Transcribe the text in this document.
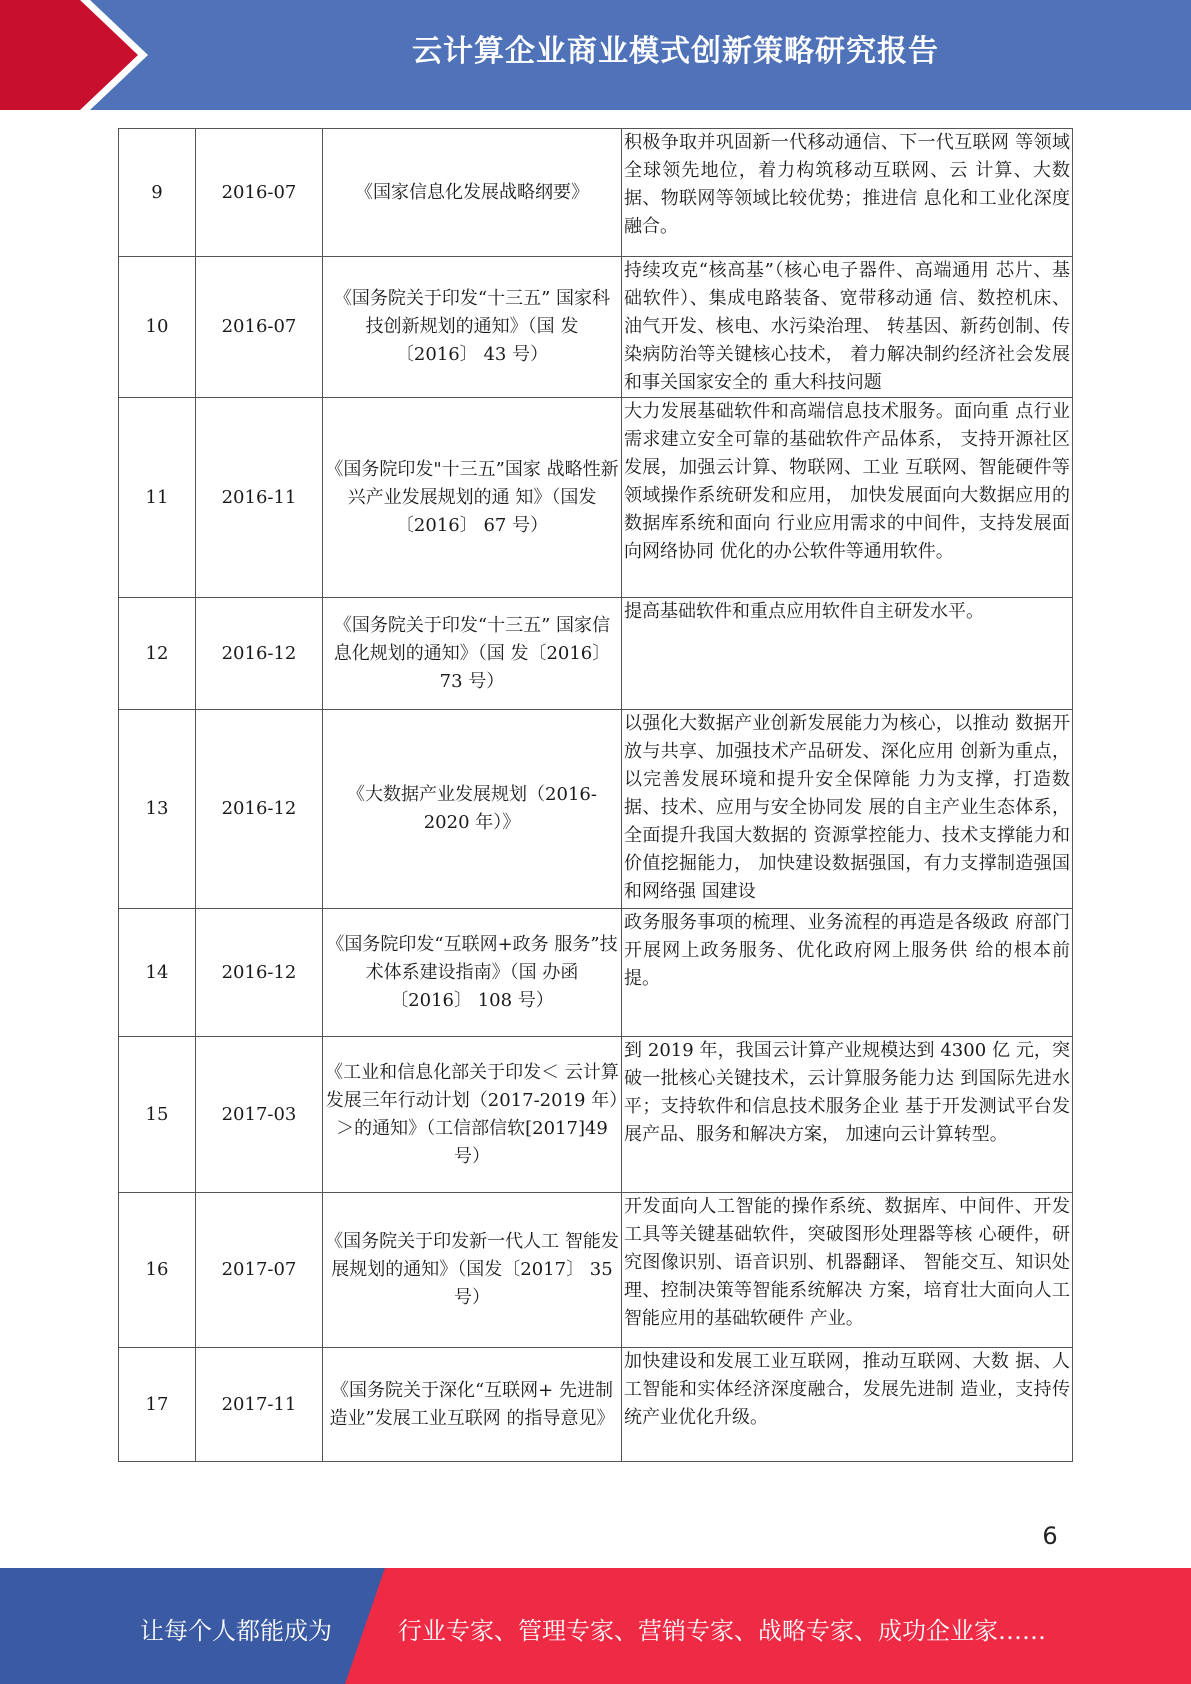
云计算企业商业模式创新策略研究报告
9	2016-07	《国家信息化发展战略纲要》	积极争取并巩固新一代移动通信、下一代互联网 等领域全球领先地位，着力构筑移动互联网、云 计算、大数据、物联网等领域比较优势；推进信 息化和工业化深度融合。
10	2016-07	《国务院关于印发“十三五” 国家科技创新规划的通知》（国 发〔2016〕 43 号）	持续攻克“核高基”（核心电子器件、高端通用 芯片、基础软件）、集成电路装备、宽带移动通 信、数控机床、油气开发、核电、水污染治理、 转基因、新药创制、传染病防治等关键核心技术， 着力解决制约经济社会发展和事关国家安全的 重大科技问题
11	2016-11	《国务院印发"十三五”国家 战略性新兴产业发展规划的通 知》（国发〔2016〕 67 号）	大力发展基础软件和高端信息技术服务。面向重 点行业需求建立安全可靠的基础软件产品体系， 支持开源社区发展，加强云计算、物联网、工业 互联网、智能硬件等领域操作系统研发和应用， 加快发展面向大数据应用的数据库系统和面向 行业应用需求的中间件，支持发展面向网络协同 优化的办公软件等通用软件。
12	2016-12	《国务院关于印发“十三五” 国家信息化规划的通知》（国 发〔2016〕 73 号）	提高基础软件和重点应用软件自主研发水平。
13	2016-12	《大数据产业发展规划（2016-2020 年）》	以强化大数据产业创新发展能力为核心，以推动 数据开放与共享、加强技术产品研发、深化应用 创新为重点，以完善发展环境和提升安全保障能 力为支撑，打造数据、技术、应用与安全协同发 展的自主产业生态体系，全面提升我国大数据的 资源掌控能力、技术支撑能力和价值挖掘能力， 加快建设数据强国，有力支撑制造强国和网络强 国建设
14	2016-12	《国务院印发“互联网+政务 服务”技术体系建设指南》（国 办函〔2016〕 108 号）	政务服务事项的梳理、业务流程的再造是各级政 府部门开展网上政务服务、优化政府网上服务供 给的根本前提。
15	2017-03	《工业和信息化部关于印发＜ 云计算发展三年行动计划（2017-2019 年）＞的通知》（工信部信软[2017]49 号）	到 2019 年，我国云计算产业规模达到 4300 亿 元，突破一批核心关键技术，云计算服务能力达 到国际先进水平；支持软件和信息技术服务企业 基于开发测试平台发展产品、服务和解决方案， 加速向云计算转型。
16	2017-07	《国务院关于印发新一代人工 智能发展规划的通知》（国发〔2017〕 35 号）	开发面向人工智能的操作系统、数据库、中间件、开发工具等关键基础软件，突破图形处理器等核 心硬件，研究图像识别、语音识别、机器翻译、 智能交互、知识处理、控制决策等智能系统解决 方案，培育壮大面向人工智能应用的基础软硬件 产业。
17	2017-11	《国务院关于深化“互联网+ 先进制造业”发展工业互联网 的指导意见》	加快建设和发展工业互联网，推动互联网、大数 据、人工智能和实体经济深度融合，发展先进制 造业，支持传统产业优化升级。
6
让每个人都能成为	行业专家、管理专家、营销专家、战略专家、成功企业家……
